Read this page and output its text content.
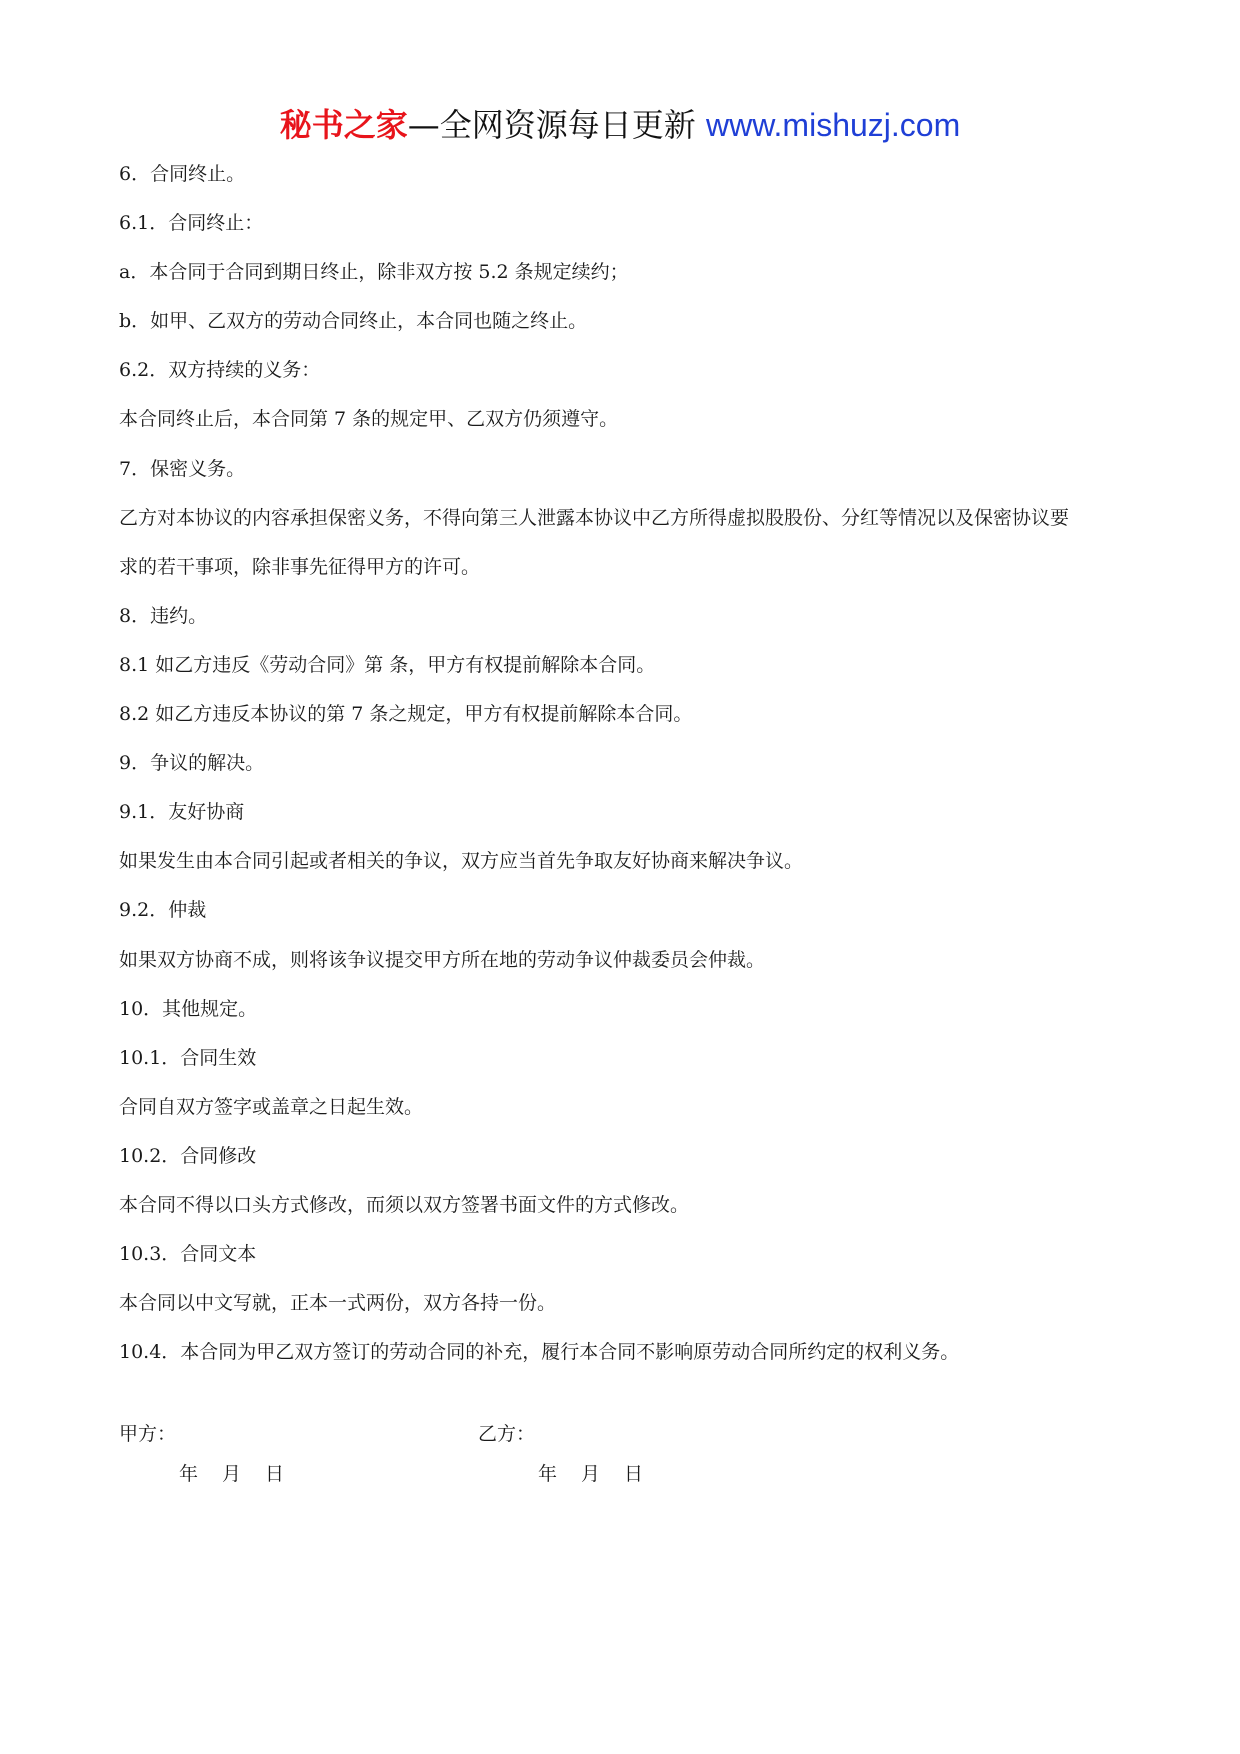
秘书之家—全网资源每日更新 www.mishuzj.com
6．合同终止。
6.1．合同终止：
a．本合同于合同到期日终止，除非双方按 5.2 条规定续约；
b．如甲、乙双方的劳动合同终止，本合同也随之终止。
6.2．双方持续的义务：
本合同终止后，本合同第 7 条的规定甲、乙双方仍须遵守。
7．保密义务。
乙方对本协议的内容承担保密义务，不得向第三人泄露本协议中乙方所得虚拟股股份、分红等情况以及保密协议要
求的若干事项，除非事先征得甲方的许可。
8．违约。
8.1 如乙方违反《劳动合同》第 条，甲方有权提前解除本合同。
8.2 如乙方违反本协议的第 7 条之规定，甲方有权提前解除本合同。
9．争议的解决。
9.1．友好协商
如果发生由本合同引起或者相关的争议，双方应当首先争取友好协商来解决争议。
9.2．仲裁
如果双方协商不成，则将该争议提交甲方所在地的劳动争议仲裁委员会仲裁。
10．其他规定。
10.1．合同生效
合同自双方签字或盖章之日起生效。
10.2．合同修改
本合同不得以口头方式修改，而须以双方签署书面文件的方式修改。
10.3．合同文本
本合同以中文写就，正本一式两份，双方各持一份。
10.4．本合同为甲乙双方签订的劳动合同的补充，履行本合同不影响原劳动合同所约定的权利义务。
甲方：
年 月 日
乙方：
年 月 日
